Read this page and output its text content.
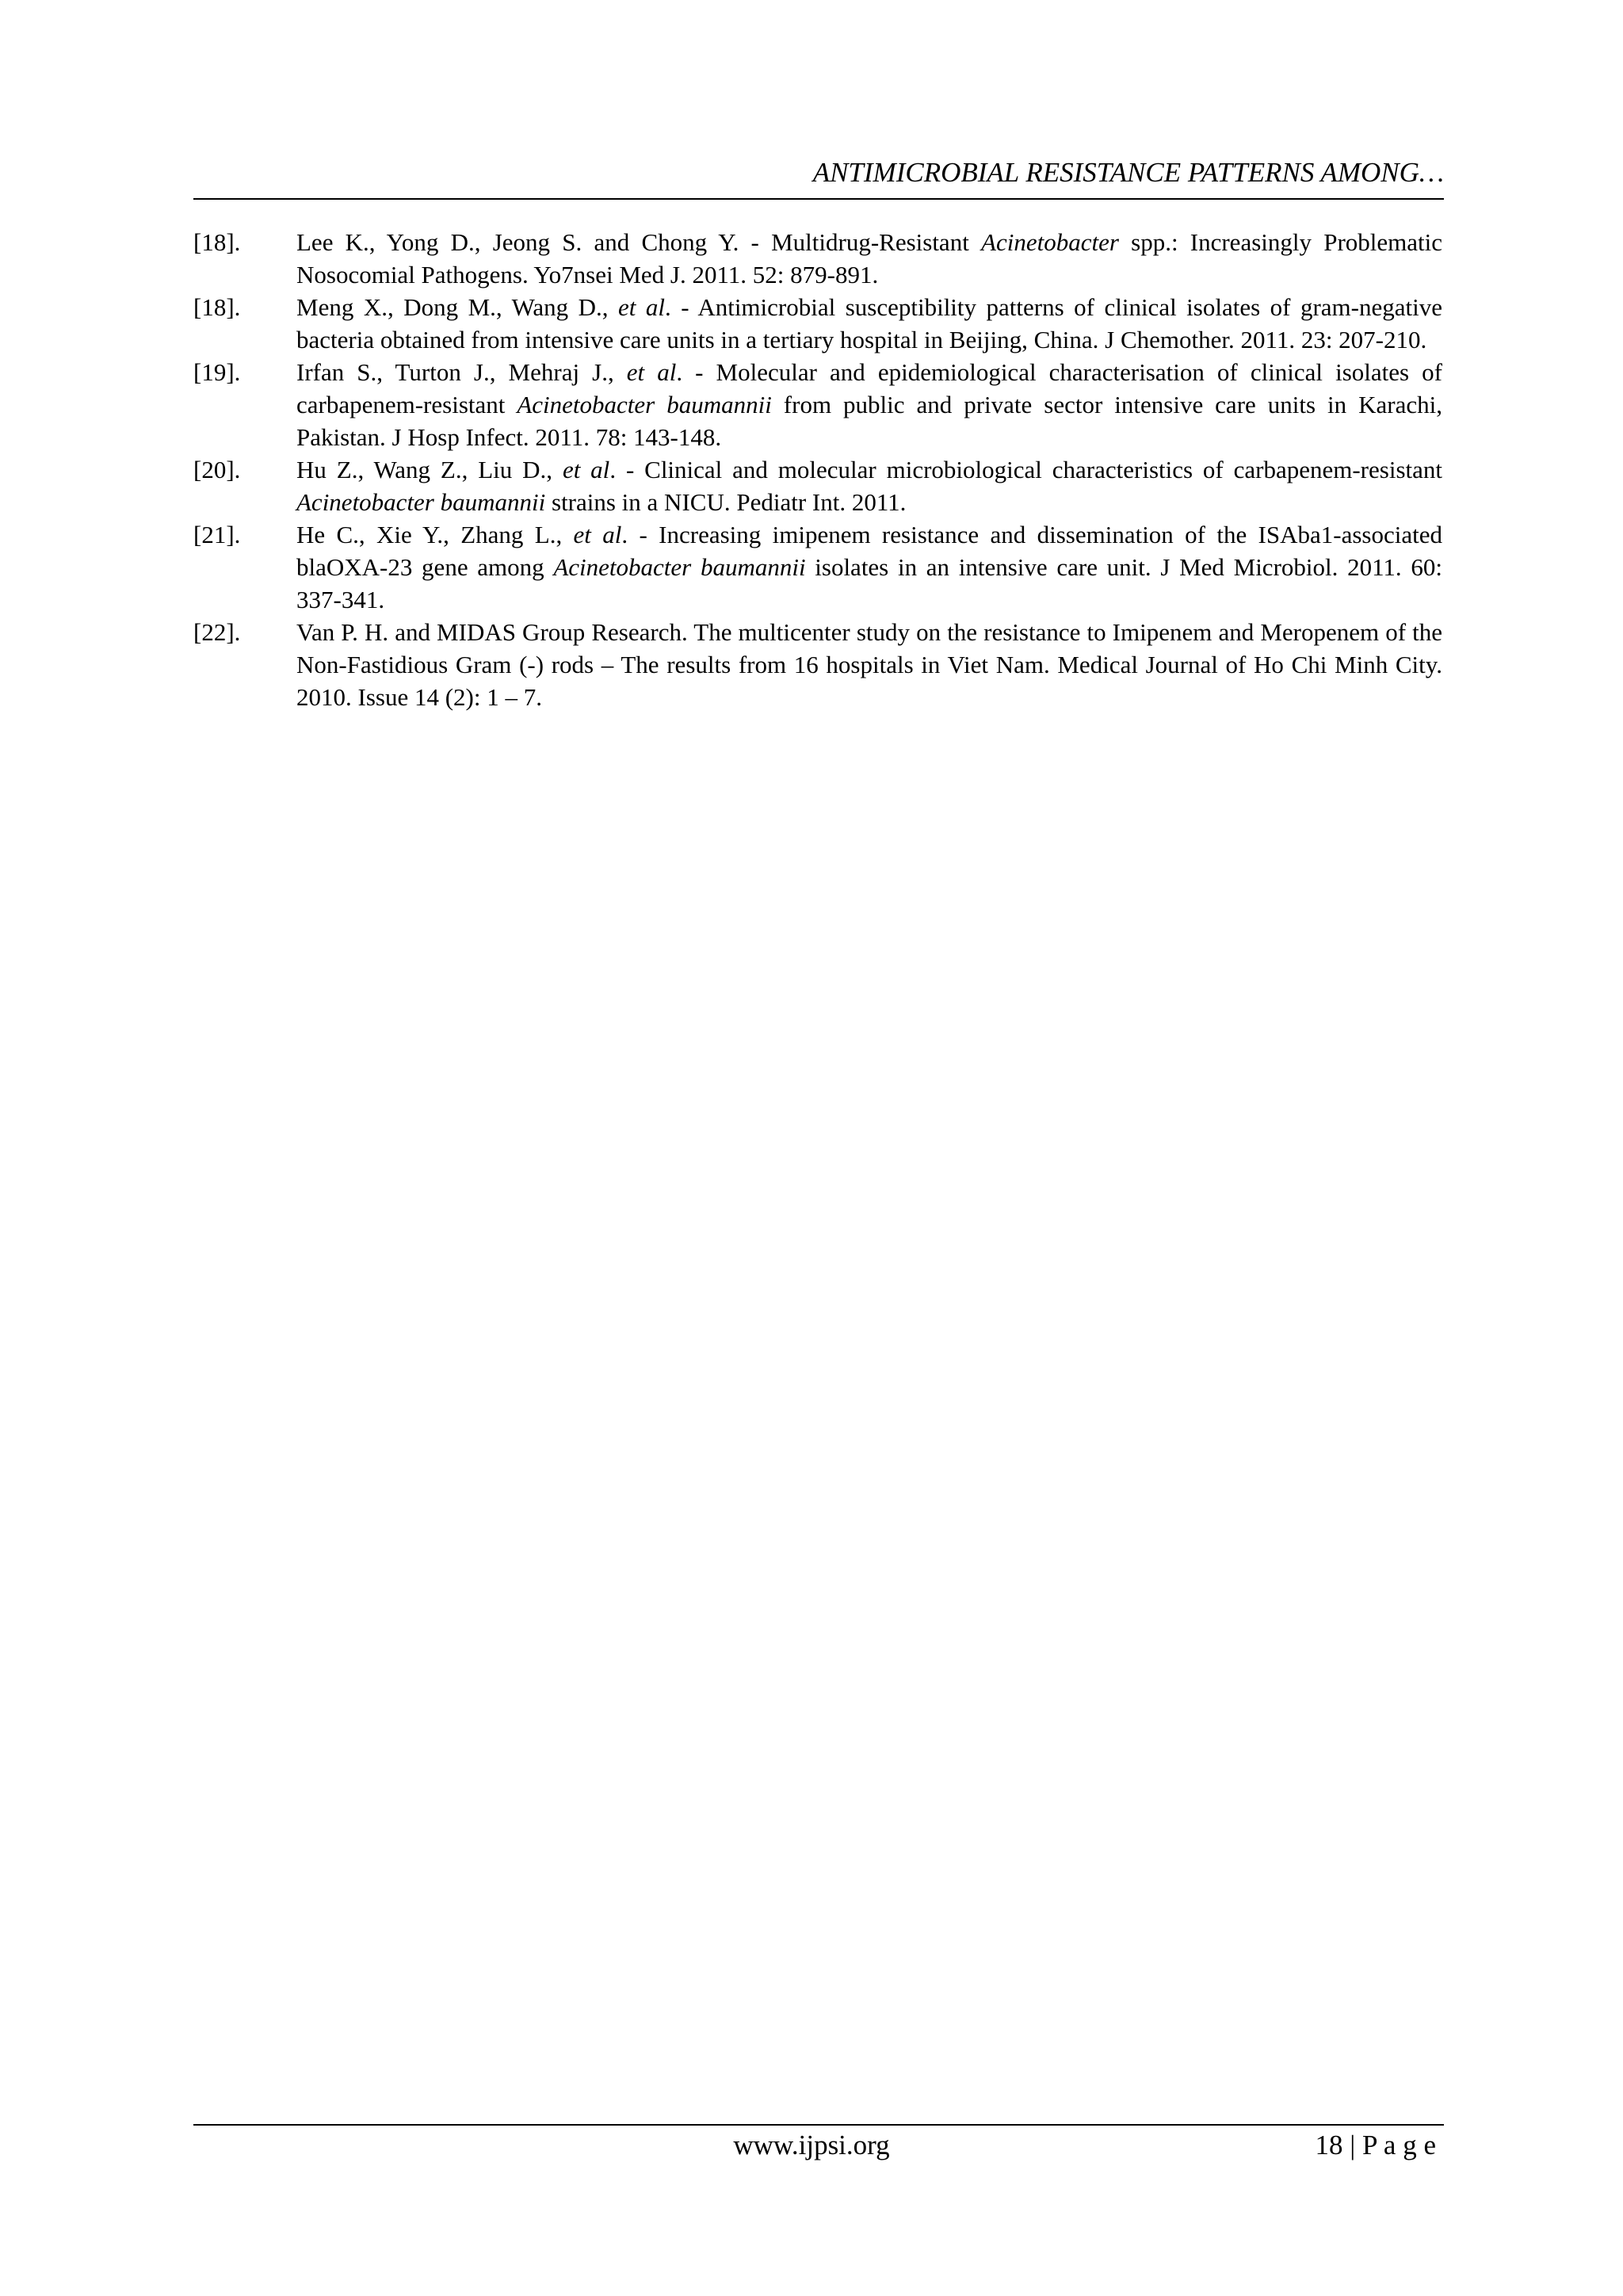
ANTIMICROBIAL RESISTANCE PATTERNS AMONG…
[18].	Lee K., Yong D., Jeong S. and Chong Y. - Multidrug-Resistant Acinetobacter spp.: Increasingly Problematic Nosocomial Pathogens. Yo7nsei Med J. 2011. 52: 879-891.
[18].	Meng X., Dong M., Wang D., et al. - Antimicrobial susceptibility patterns of clinical isolates of gram-negative bacteria obtained from intensive care units in a tertiary hospital in Beijing, China. J Chemother. 2011. 23: 207-210.
[19].	Irfan S., Turton J., Mehraj J., et al. - Molecular and epidemiological characterisation of clinical isolates of carbapenem-resistant Acinetobacter baumannii from public and private sector intensive care units in Karachi, Pakistan. J Hosp Infect. 2011. 78: 143-148.
[20].	Hu Z., Wang Z., Liu D., et al. - Clinical and molecular microbiological characteristics of carbapenem-resistant Acinetobacter baumannii strains in a NICU. Pediatr Int. 2011.
[21].	He C., Xie Y., Zhang L., et al. - Increasing imipenem resistance and dissemination of the ISAba1-associated blaOXA-23 gene among Acinetobacter baumannii isolates in an intensive care unit. J Med Microbiol. 2011. 60: 337-341.
[22].	Van P. H. and MIDAS Group Research. The multicenter study on the resistance to Imipenem and Meropenem of the Non-Fastidious Gram (-) rods – The results from 16 hospitals in Viet Nam. Medical Journal of Ho Chi Minh City. 2010. Issue 14 (2): 1 – 7.
www.ijpsi.org	18 | P a g e
